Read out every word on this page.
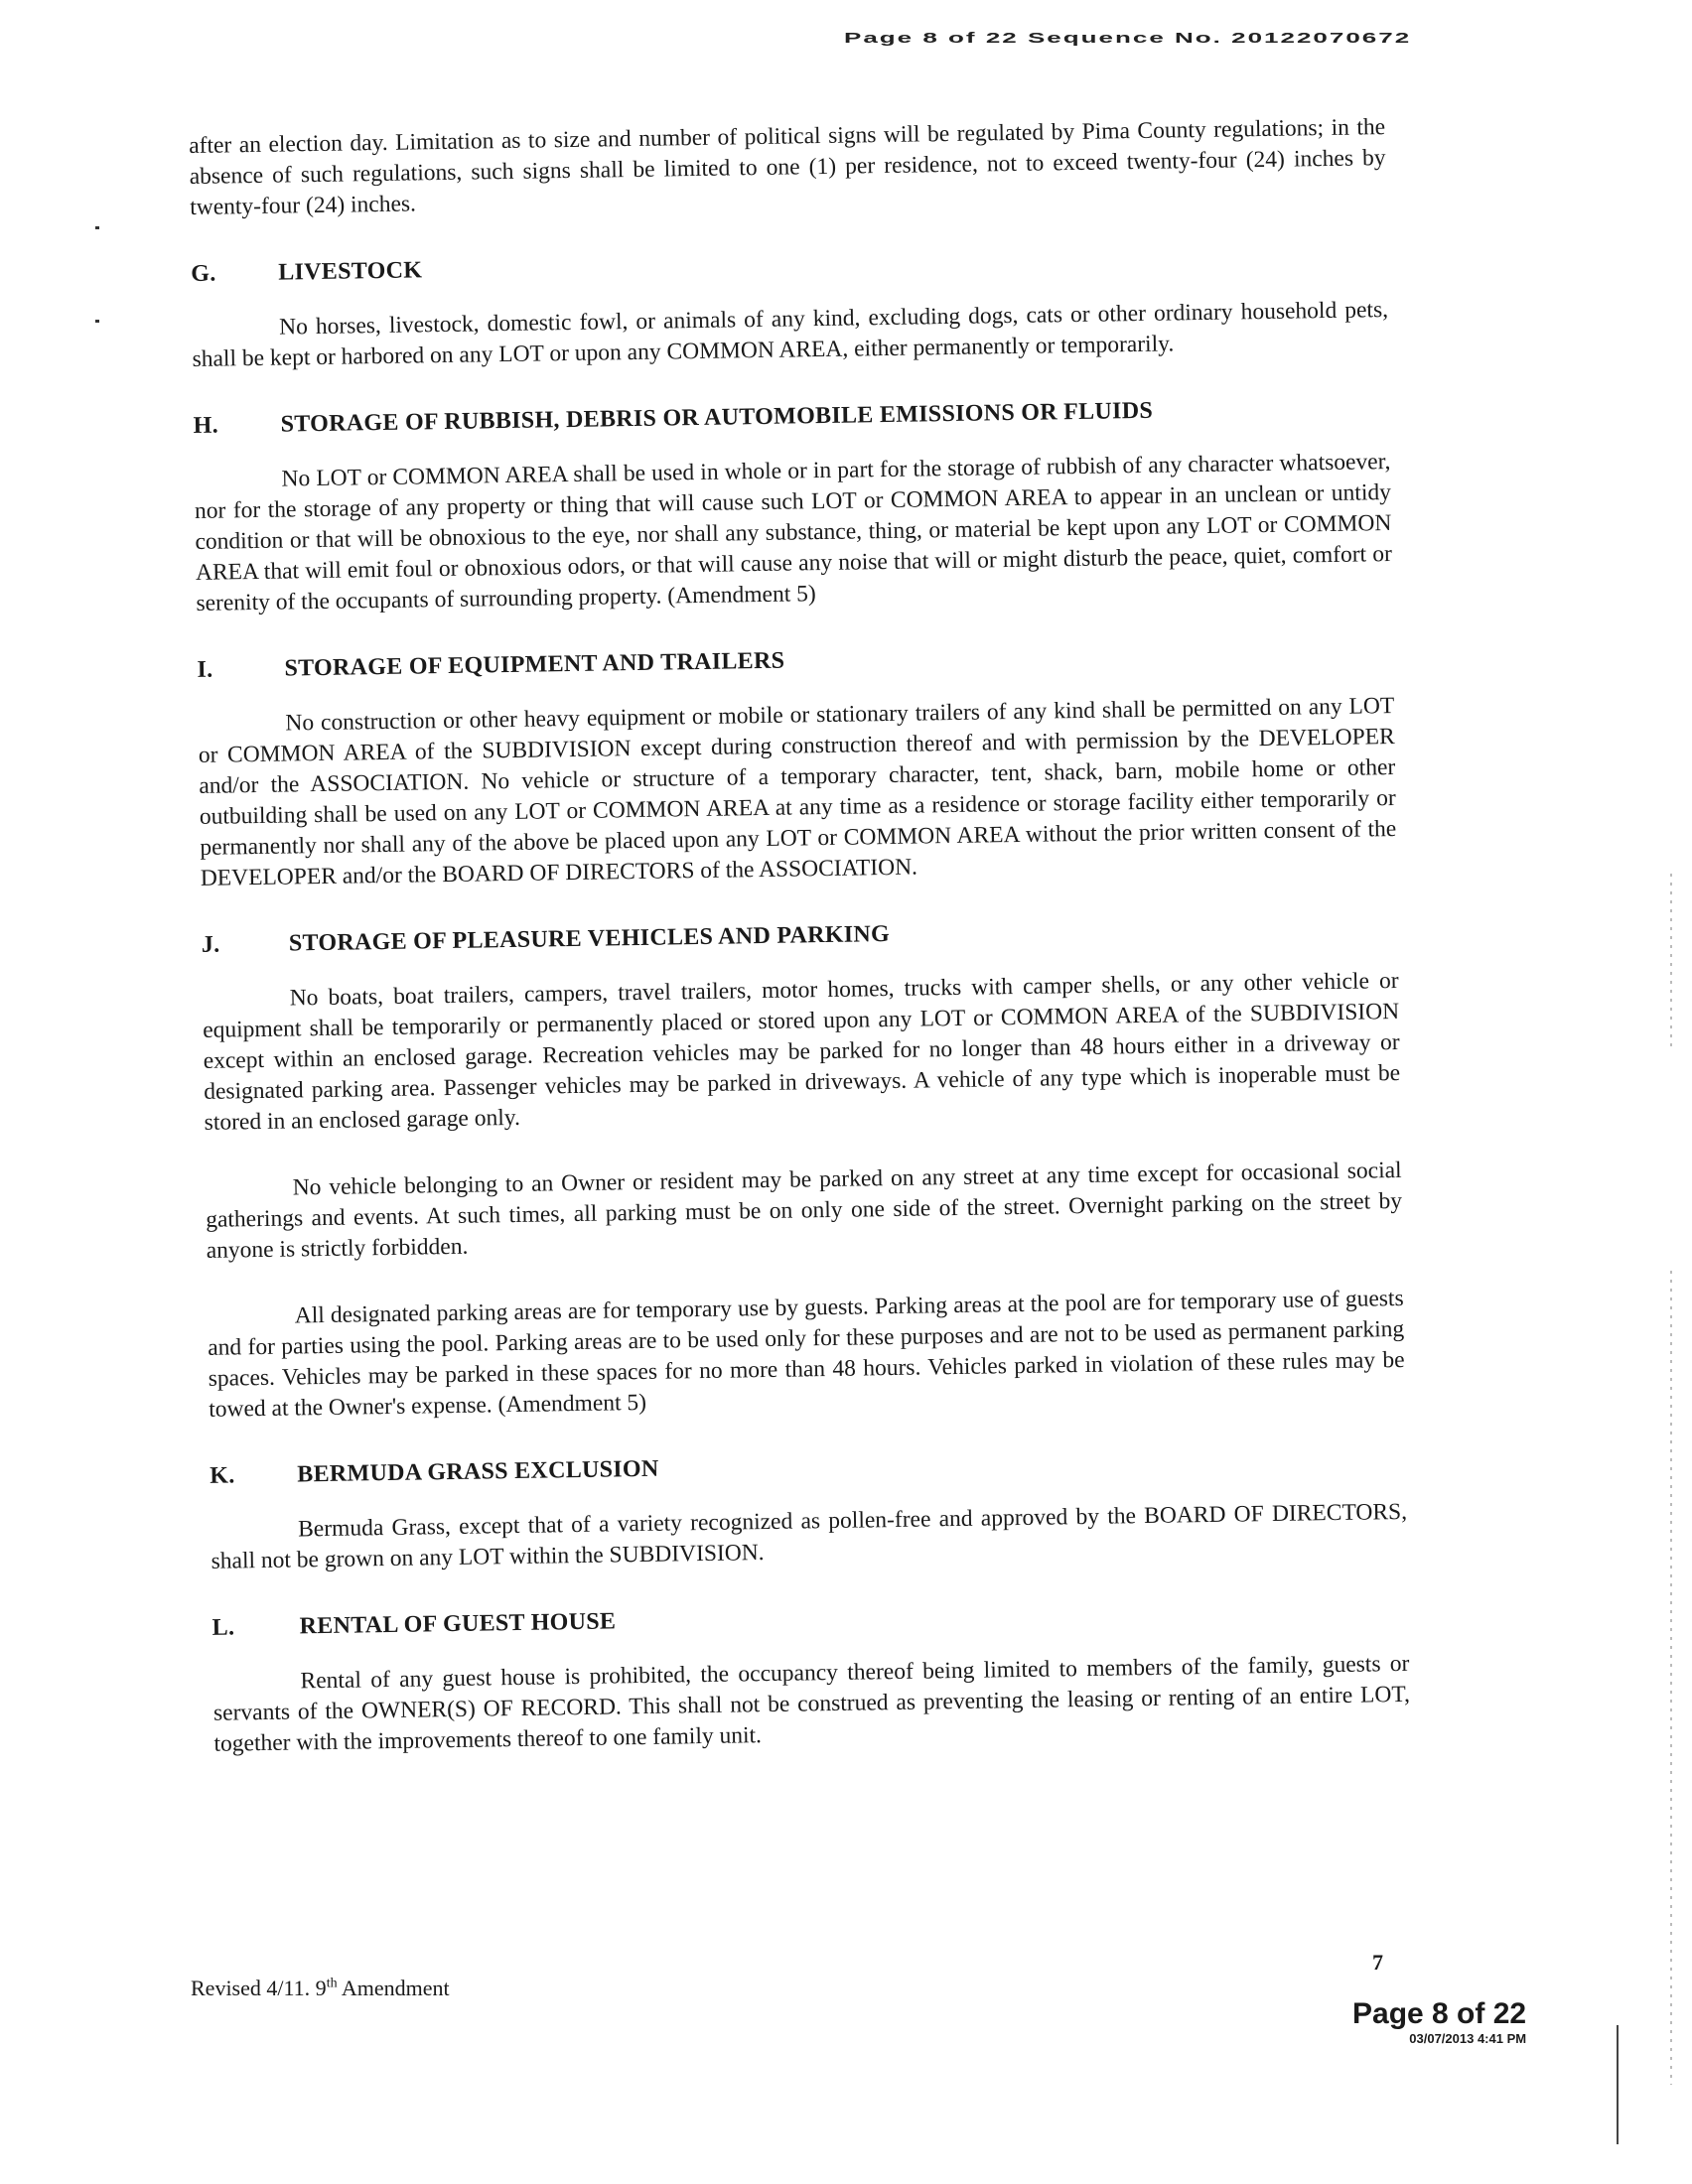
Page 8 of 22 Sequence No. 20122070672

after an election day. Limitation as to size and number of political signs will be regulated by Pima County regulations; in the absence of such regulations, such signs shall be limited to one (1) per residence, not to exceed twenty-four (24) inches by twenty-four (24) inches.

G.	LIVESTOCK

No horses, livestock, domestic fowl, or animals of any kind, excluding dogs, cats or other ordinary household pets, shall be kept or harbored on any LOT or upon any COMMON AREA, either permanently or temporarily.

H.	STORAGE OF RUBBISH, DEBRIS OR AUTOMOBILE EMISSIONS OR FLUIDS

No LOT or COMMON AREA shall be used in whole or in part for the storage of rubbish of any character whatsoever, nor for the storage of any property or thing that will cause such LOT or COMMON AREA to appear in an unclean or untidy condition or that will be obnoxious to the eye, nor shall any substance, thing, or material be kept upon any LOT or COMMON AREA that will emit foul or obnoxious odors, or that will cause any noise that will or might disturb the peace, quiet, comfort or serenity of the occupants of surrounding property. (Amendment 5)

I.	STORAGE OF EQUIPMENT AND TRAILERS

No construction or other heavy equipment or mobile or stationary trailers of any kind shall be permitted on any LOT or COMMON AREA of the SUBDIVISION except during construction thereof and with permission by the DEVELOPER and/or the ASSOCIATION. No vehicle or structure of a temporary character, tent, shack, barn, mobile home or other outbuilding shall be used on any LOT or COMMON AREA at any time as a residence or storage facility either temporarily or permanently nor shall any of the above be placed upon any LOT or COMMON AREA without the prior written consent of the DEVELOPER and/or the BOARD OF DIRECTORS of the ASSOCIATION.

J.	STORAGE OF PLEASURE VEHICLES AND PARKING

No boats, boat trailers, campers, travel trailers, motor homes, trucks with camper shells, or any other vehicle or equipment shall be temporarily or permanently placed or stored upon any LOT or COMMON AREA of the SUBDIVISION except within an enclosed garage. Recreation vehicles may be parked for no longer than 48 hours either in a driveway or designated parking area. Passenger vehicles may be parked in driveways. A vehicle of any type which is inoperable must be stored in an enclosed garage only.

No vehicle belonging to an Owner or resident may be parked on any street at any time except for occasional social gatherings and events. At such times, all parking must be on only one side of the street. Overnight parking on the street by anyone is strictly forbidden.

All designated parking areas are for temporary use by guests. Parking areas at the pool are for temporary use of guests and for parties using the pool. Parking areas are to be used only for these purposes and are not to be used as permanent parking spaces. Vehicles may be parked in these spaces for no more than 48 hours. Vehicles parked in violation of these rules may be towed at the Owner's expense. (Amendment 5)

K.	BERMUDA GRASS EXCLUSION

Bermuda Grass, except that of a variety recognized as pollen-free and approved by the BOARD OF DIRECTORS, shall not be grown on any LOT within the SUBDIVISION.

L.	RENTAL OF GUEST HOUSE

Rental of any guest house is prohibited, the occupancy thereof being limited to members of the family, guests or servants of the OWNER(S) OF RECORD. This shall not be construed as preventing the leasing or renting of an entire LOT, together with the improvements thereof to one family unit.

Revised 4/11. 9th Amendment
7
Page 8 of 22
03/07/2013 4:41 PM
